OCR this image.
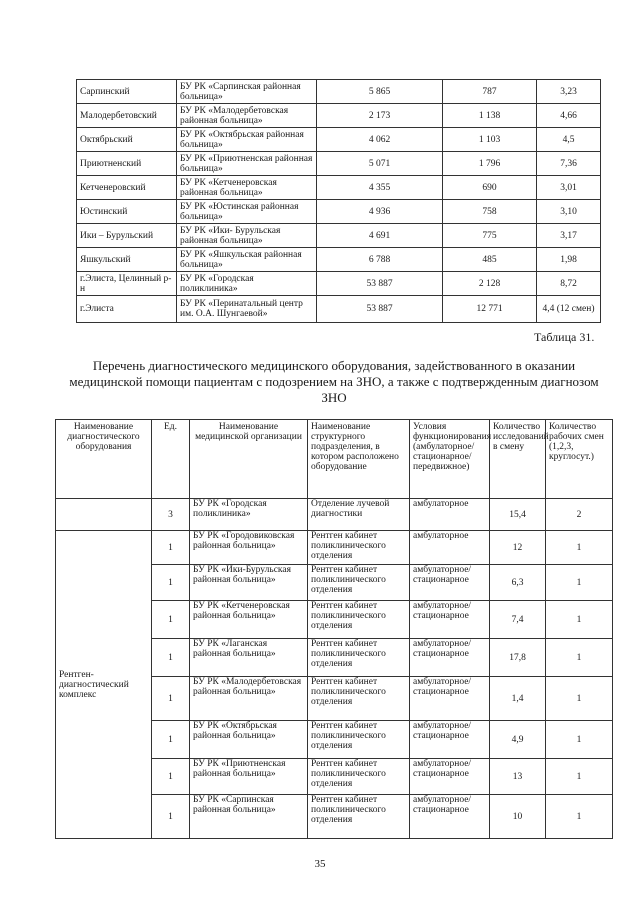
Сарпинский	БУ РК «Сарпинская районная больница»	5 865	787	3,23
Малодербетовский	БУ РК «Малодербетовская районная больница»	2 173	1 138	4,66
Октябрьский	БУ РК «Октябрьская районная больница»	4 062	1 103	4,5
Приютненский	БУ РК «Приютненская районная больница»	5 071	1 796	7,36
Кетченеровский	БУ РК «Кетченеровская районная больница»	4 355	690	3,01
Юстинский	БУ РК «Юстинская районная больница»	4 936	758	3,10
Ики – Бурульский	БУ РК «Ики- Бурульская районная больница»	4 691	775	3,17
Яшкульский	БУ РК «Яшкульская районная больница»	6 788	485	1,98
г.Элиста, Целинный р-н	БУ РК «Городская поликлиника»	53 887	2 128	8,72
г.Элиста	БУ РК «Перинатальный центр им. О.А. Шунгаевой»	53 887	12 771	4,4 (12 смен)
Таблица 31.
Перечень диагностического медицинского оборудования, задействованного в оказании медицинской помощи пациентам с подозрением на ЗНО, а также с подтвержденным диагнозом ЗНО
Наименование диагностического оборудования	Ед.	Наименование медицинской организации	Наименование структурного подразделения, в котором расположено оборудование	Условия функционирования (амбулаторное/ стационарное/ передвижное)	Количество исследований в смену	Количество рабочих смен (1,2,3, круглосут.)
	3	БУ РК «Городская поликлиника»	Отделение лучевой диагностики	амбулаторное	15,4	2
Рентген-диагностический комплекс	1	БУ РК «Городовиковская районная больница»	Рентген кабинет поликлинического отделения	амбулаторное	12	1
	1	БУ РК «Ики-Бурульская районная больница»	Рентген кабинет поликлинического отделения	амбулаторное/ стационарное	6,3	1
	1	БУ РК «Кетченеровская районная больница»	Рентген кабинет поликлинического отделения	амбулаторное/ стационарное	7,4	1
	1	БУ РК «Лаганская районная больница»	Рентген кабинет поликлинического отделения	амбулаторное/ стационарное	17,8	1
	1	БУ РК «Малодербетовская районная больница»	Рентген кабинет поликлинического отделения	амбулаторное/ стационарное	1,4	1
	1	БУ РК «Октябрьская районная больница»	Рентген кабинет поликлинического отделения	амбулаторное/ стационарное	4,9	1
	1	БУ РК «Приютненская районная больница»	Рентген кабинет поликлинического отделения	амбулаторное/ стационарное	13	1
	1	БУ РК «Сарпинская районная больница»	Рентген кабинет поликлинического отделения	амбулаторное/ стационарное	10	1
35
